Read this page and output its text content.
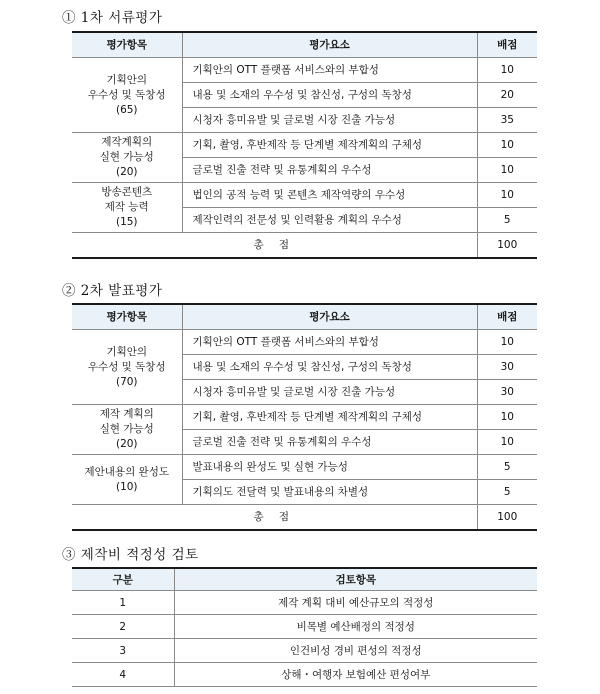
① 1차 서류평가
평가항목	평가요소	배점
기획안의
우수성 및 독창성
(65)	기획안의 OTT 플랫폼 서비스와의 부합성	10
	내용 및 소재의 우수성 및 참신성, 구성의 독창성	20
	시청자 흥미유발 및 글로벌 시장 진출 가능성	35
제작계획의
실현 가능성
(20)	기획, 촬영, 후반제작 등 단계별 제작계획의 구체성	10
	글로벌 진출 전략 및 유통계획의 우수성	10
방송콘텐츠
제작 능력
(15)	법인의 공적 능력 및 콘텐츠 제작역량의 우수성	10
	제작인력의 전문성 및 인력활용 계획의 우수성	5
총 점		100
② 2차 발표평가
평가항목	평가요소	배점
기획안의
우수성 및 독창성
(70)	기획안의 OTT 플랫폼 서비스와의 부합성	10
	내용 및 소재의 우수성 및 참신성, 구성의 독창성	30
	시청자 흥미유발 및 글로벌 시장 진출 가능성	30
제작 계획의
실현 가능성
(20)	기획, 촬영, 후반제작 등 단계별 제작계획의 구체성	10
	글로벌 진출 전략 및 유통계획의 우수성	10
제안내용의 완성도
(10)	발표내용의 완성도 및 실현 가능성	5
	기획의도 전달력 및 발표내용의 차별성	5
총 점		100
③ 제작비 적정성 검토
구분	검토항목
1	제작 계획 대비 예산규모의 적정성
2	비목별 예산배정의 적정성
3	인건비성 경비 편성의 적정성
4	상해・여행자 보험예산 편성여부
